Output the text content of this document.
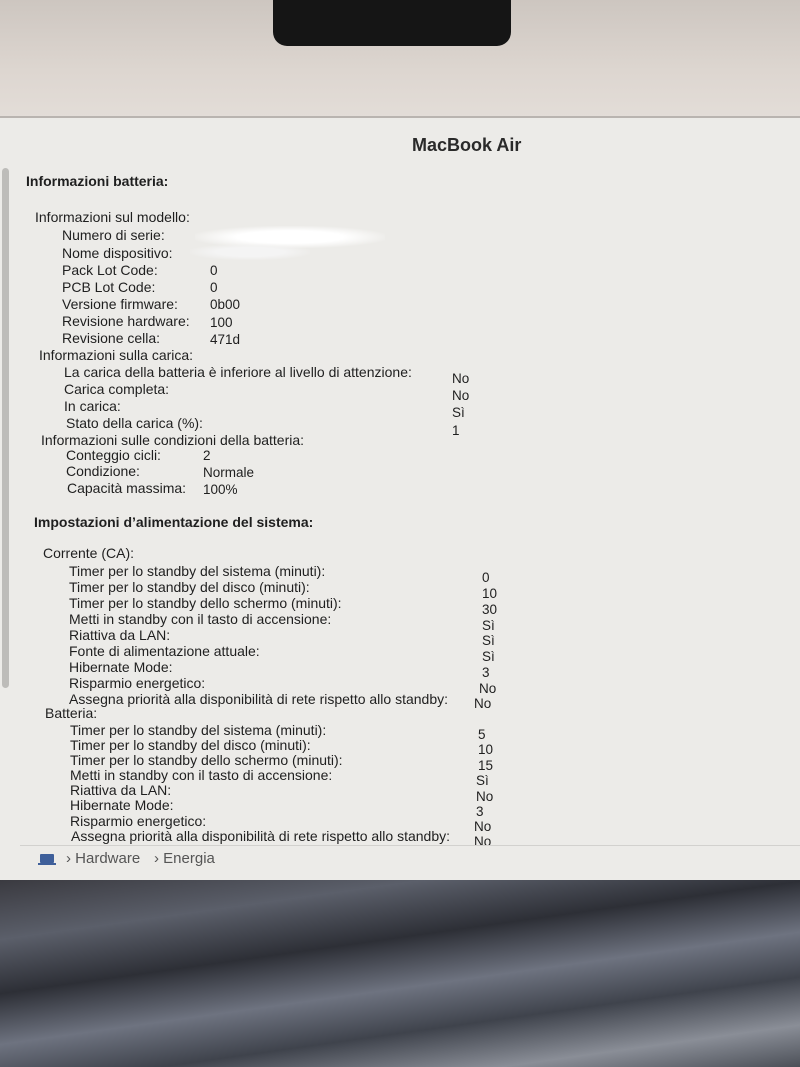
MacBook Air
Informazioni batteria:
Informazioni sul modello:
Numero di serie:
Nome dispositivo:
Pack Lot Code:	0
PCB Lot Code:	0
Versione firmware: 0b00
Revisione hardware: 100
Revisione cella:	471d
Informazioni sulla carica:
La carica della batteria è inferiore al livello di attenzione:	No
Carica completa:	No
In carica:	Sì
Stato della carica (%):	1
Informazioni sulle condizioni della batteria:
Conteggio cicli:	2
Condizione:	Normale
Capacità massima: 100%
Impostazioni d’alimentazione del sistema:
Corrente (CA):
Timer per lo standby del sistema (minuti):	0
Timer per lo standby del disco (minuti):	10
Timer per lo standby dello schermo (minuti):	30
Metti in standby con il tasto di accensione:	Sì
Riattiva da LAN:	Sì
Fonte di alimentazione attuale:	Sì
Hibernate Mode:	3
Risparmio energetico:	No
Assegna priorità alla disponibilità di rete rispetto allo standby: No
Batteria:
Timer per lo standby del sistema (minuti):	5
Timer per lo standby del disco (minuti):	10
Timer per lo standby dello schermo (minuti):	15
Metti in standby con il tasto di accensione:	Sì
Riattiva da LAN:	No
Hibernate Mode:	3
Risparmio energetico:	No
Assegna priorità alla disponibilità di rete rispetto allo standby: No
› Hardware › Energia
